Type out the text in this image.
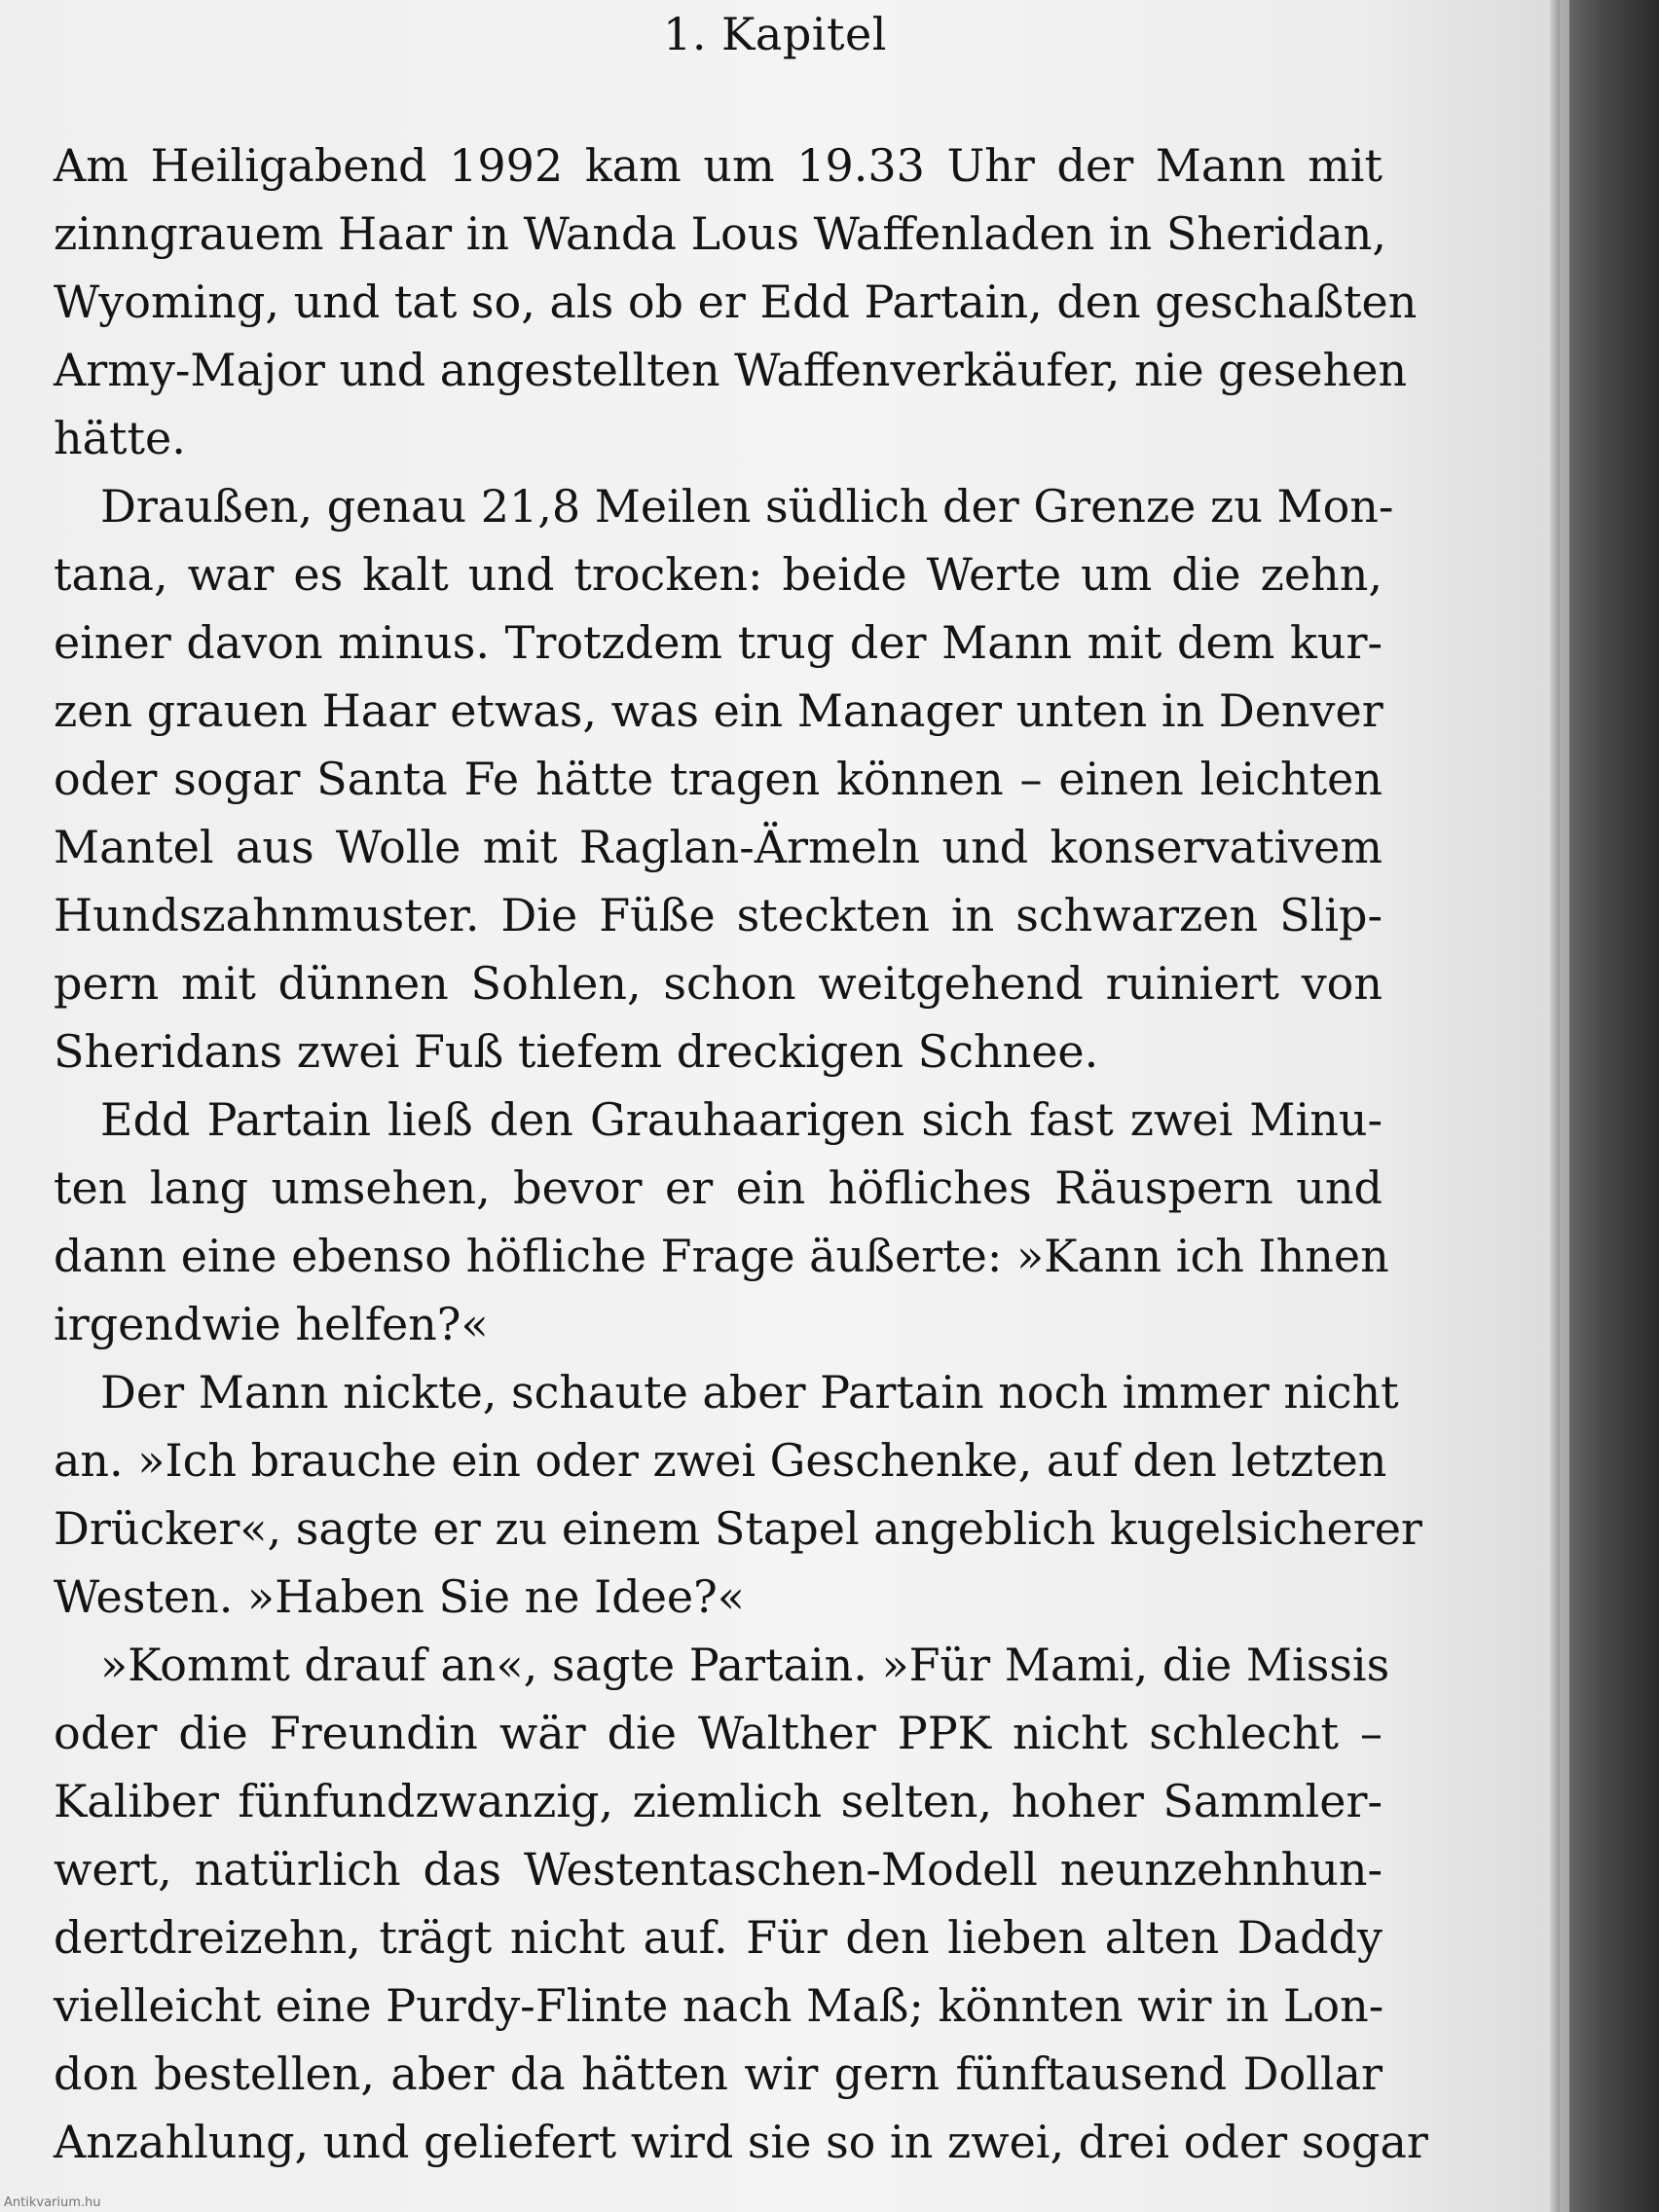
1. Kapitel
Am Heiligabend 1992 kam um 19.33 Uhr der Mann mit
zinngrauem Haar in Wanda Lous Waffenladen in Sheridan,
Wyoming, und tat so, als ob er Edd Partain, den geschaßten
Army-Major und angestellten Waffenverkäufer, nie gesehen
hätte.
Draußen, genau 21,8 Meilen südlich der Grenze zu Mon-
tana, war es kalt und trocken: beide Werte um die zehn,
einer davon minus. Trotzdem trug der Mann mit dem kur-
zen grauen Haar etwas, was ein Manager unten in Denver
oder sogar Santa Fe hätte tragen können – einen leichten
Mantel aus Wolle mit Raglan-Ärmeln und konservativem
Hundszahnmuster. Die Füße steckten in schwarzen Slip-
pern mit dünnen Sohlen, schon weitgehend ruiniert von
Sheridans zwei Fuß tiefem dreckigen Schnee.
Edd Partain ließ den Grauhaarigen sich fast zwei Minu-
ten lang umsehen, bevor er ein höfliches Räuspern und
dann eine ebenso höfliche Frage äußerte: »Kann ich Ihnen
irgendwie helfen?«
Der Mann nickte, schaute aber Partain noch immer nicht
an. »Ich brauche ein oder zwei Geschenke, auf den letzten
Drücker«, sagte er zu einem Stapel angeblich kugelsicherer
Westen. »Haben Sie ne Idee?«
»Kommt drauf an«, sagte Partain. »Für Mami, die Missis
oder die Freundin wär die Walther PPK nicht schlecht –
Kaliber fünfundzwanzig, ziemlich selten, hoher Sammler-
wert, natürlich das Westentaschen-Modell neunzehnhun-
dertdreizehn, trägt nicht auf. Für den lieben alten Daddy
vielleicht eine Purdy-Flinte nach Maß; könnten wir in Lon-
don bestellen, aber da hätten wir gern fünftausend Dollar
Anzahlung, und geliefert wird sie so in zwei, drei oder sogar
Antikvarium.hu
